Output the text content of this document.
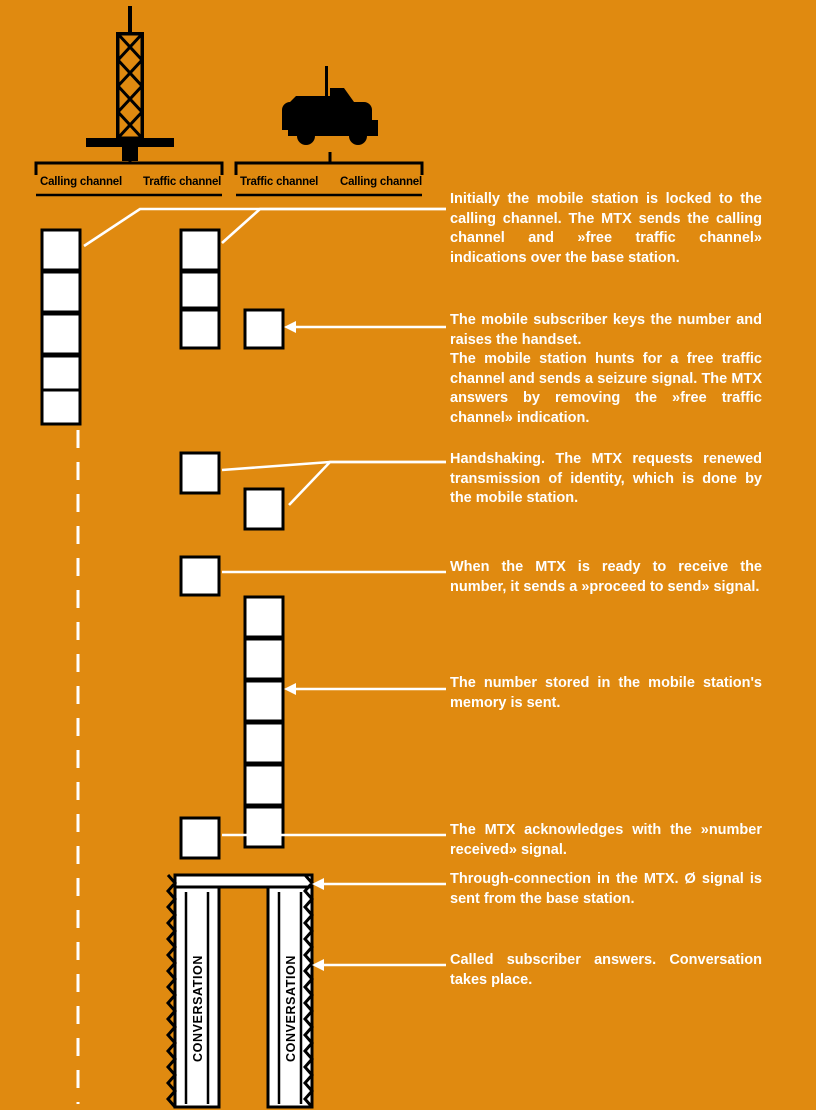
Calling channel Traffic channel Traffic channel Calling channel
Initially the mobile station is locked to the calling channel. The MTX sends the calling channel and »free traffic channel» indications over the base station.
The mobile subscriber keys the number and raises the handset.
The mobile station hunts for a free traffic channel and sends a seizure signal. The MTX answers by removing the »free traffic channel» indication.
Handshaking. The MTX requests renewed transmission of identity, which is done by the mobile station.
When the MTX is ready to receive the number, it sends a »proceed to send» signal.
The number stored in the mobile station's memory is sent.
The MTX acknowledges with the »number received» signal.
Through-connection in the MTX. Ø signal is sent from the base station.
Called subscriber answers. Conversation takes place.
CONVERSATION	CONVERSATION
